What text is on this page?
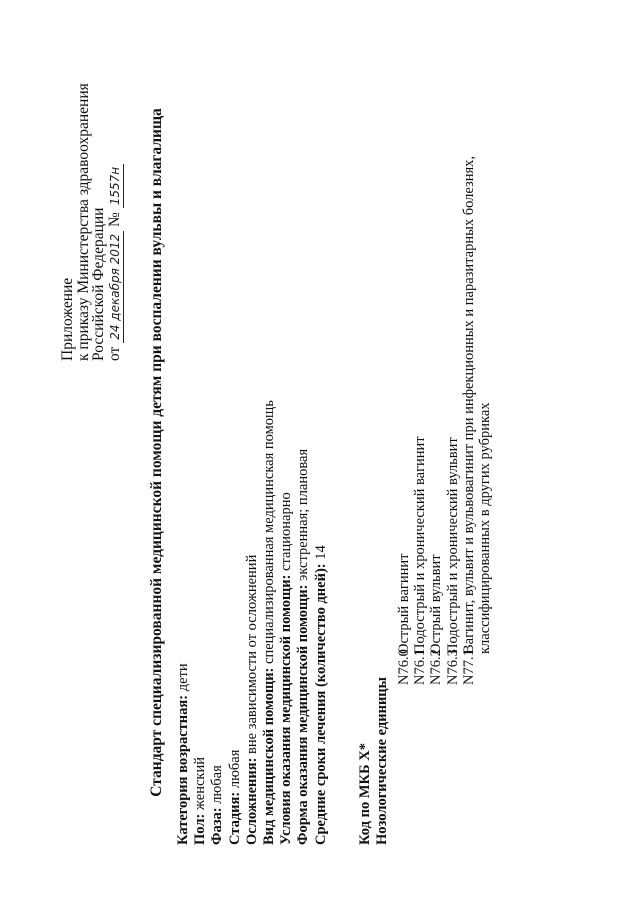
Приложение
к приказу Министерства здравоохранения
Российской Федерации
от 24 декабря 2012 № 1557н Стандарт специализированной медицинской помощи детям при воспалении вульвы и влагалища Категория возрастная: дети
Пол: женский
Фаза: любая
Стадия: любая Осложнения: вне зависимости от осложнений Вид медицинской помощи: специализированная медицинская помощь
Условия оказания медицинской помощи: стационарно
Форма оказания медицинской помощи: экстренная; плановая
Средние сроки лечения (количество дней): 14
Код по МКБ X* Нозологические единицы
N76.0
Острый вагинит
N76.1
Подострый и хронический вагинит
N76.2
Острый вульвит
N76.3
Подострый и хронический вульвит
N77.1
Вагинит, вульвит и вульвовагинит при инфекционных и паразитарных болезнях, классифицированных в других рубриках
